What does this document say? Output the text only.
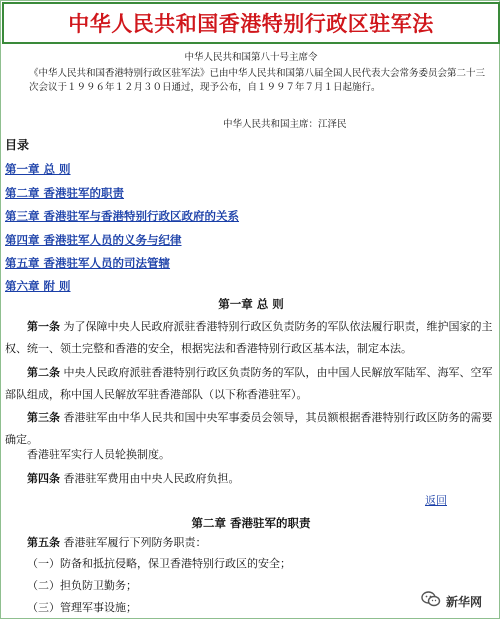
中华人民共和国香港特别行政区驻军法
中华人民共和国第八十号主席令
《中华人民共和国香港特别行政区驻军法》已由中华人民共和国第八届全国人民代表大会常务委员会第二十三次会议于１９９６年１２月３０日通过，现予公布，自１９９７年７月１日起施行。
中华人民共和国主席：江泽民
目录
第一章 总 则
第二章 香港驻军的职责
第三章 香港驻军与香港特别行政区政府的关系
第四章 香港驻军人员的义务与纪律
第五章 香港驻军人员的司法管辖
第六章 附 则
第一章 总 则
第一条 为了保障中央人民政府派驻香港特别行政区负责防务的军队依法履行职责，维护国家的主权、统一、领土完整和香港的安全，根据宪法和香港特别行政区基本法，制定本法。
第二条 中央人民政府派驻香港特别行政区负责防务的军队，由中国人民解放军陆军、海军、空军部队组成，称中国人民解放军驻香港部队（以下称香港驻军）。
第三条 香港驻军由中华人民共和国中央军事委员会领导，其员额根据香港特别行政区防务的需要确定。
香港驻军实行人员轮换制度。
第四条 香港驻军费用由中央人民政府负担。
返回
第二章 香港驻军的职责
第五条 香港驻军履行下列防务职责：
（一）防备和抵抗侵略，保卫香港特别行政区的安全；
（二）担负防卫勤务；
（三）管理军事设施；	新华网
